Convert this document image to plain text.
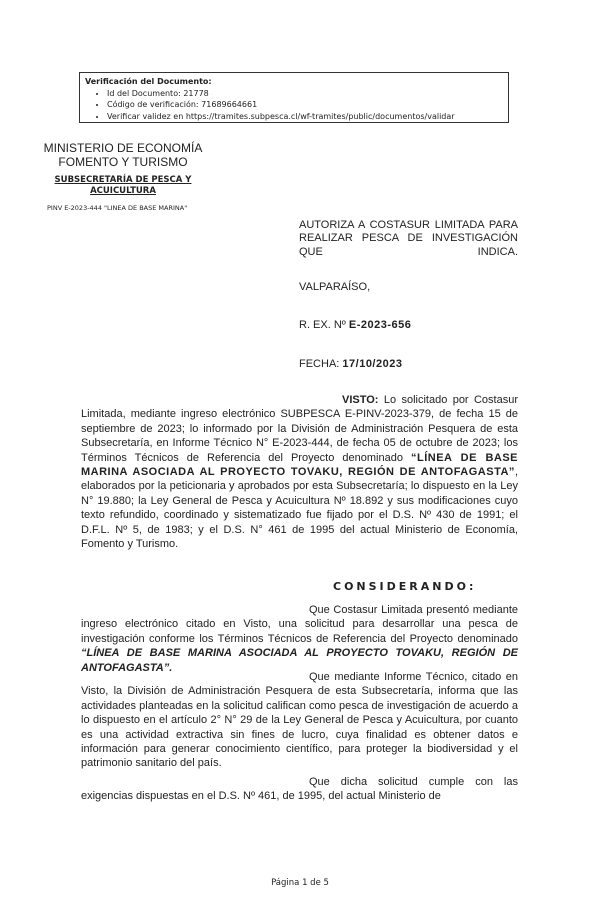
Verificación del Documento:
• Id del Documento: 21778
• Código de verificación: 71689664661
• Verificar validez en https://tramites.subpesca.cl/wf-tramites/public/documentos/validar
MINISTERIO DE ECONOMÍA
FOMENTO Y TURISMO
SUBSECRETARÍA DE PESCA Y ACUICULTURA
PINV E-2023-444 "LINEA DE BASE MARINA"
AUTORIZA A COSTASUR LIMITADA PARA REALIZAR PESCA DE INVESTIGACIÓN QUE INDICA.
VALPARAÍSO,
R. EX. Nº E-2023-656
FECHA: 17/10/2023
VISTO: Lo solicitado por Costasur Limitada, mediante ingreso electrónico SUBPESCA E-PINV-2023-379, de fecha 15 de septiembre de 2023; lo informado por la División de Administración Pesquera de esta Subsecretaría, en Informe Técnico N° E-2023-444, de fecha 05 de octubre de 2023; los Términos Técnicos de Referencia del Proyecto denominado “LÍNEA DE BASE MARINA ASOCIADA AL PROYECTO TOVAKU, REGIÓN DE ANTOFAGASTA”, elaborados por la peticionaria y aprobados por esta Subsecretaría; lo dispuesto en la Ley N° 19.880; la Ley General de Pesca y Acuicultura Nº 18.892 y sus modificaciones cuyo texto refundido, coordinado y sistematizado fue fijado por el D.S. Nº 430 de 1991; el D.F.L. Nº 5, de 1983; y el D.S. N° 461 de 1995 del actual Ministerio de Economía, Fomento y Turismo.
CONSIDERANDO:
Que Costasur Limitada presentó mediante ingreso electrónico citado en Visto, una solicitud para desarrollar una pesca de investigación conforme los Términos Técnicos de Referencia del Proyecto denominado “LÍNEA DE BASE MARINA ASOCIADA AL PROYECTO TOVAKU, REGIÓN DE ANTOFAGASTA”.
Que mediante Informe Técnico, citado en Visto, la División de Administración Pesquera de esta Subsecretaría, informa que las actividades planteadas en la solicitud califican como pesca de investigación de acuerdo a lo dispuesto en el artículo 2° N° 29 de la Ley General de Pesca y Acuicultura, por cuanto es una actividad extractiva sin fines de lucro, cuya finalidad es obtener datos e información para generar conocimiento científico, para proteger la biodiversidad y el patrimonio sanitario del país.
Que dicha solicitud cumple con las exigencias dispuestas en el D.S. Nº 461, de 1995, del actual Ministerio de
Página 1 de 5
